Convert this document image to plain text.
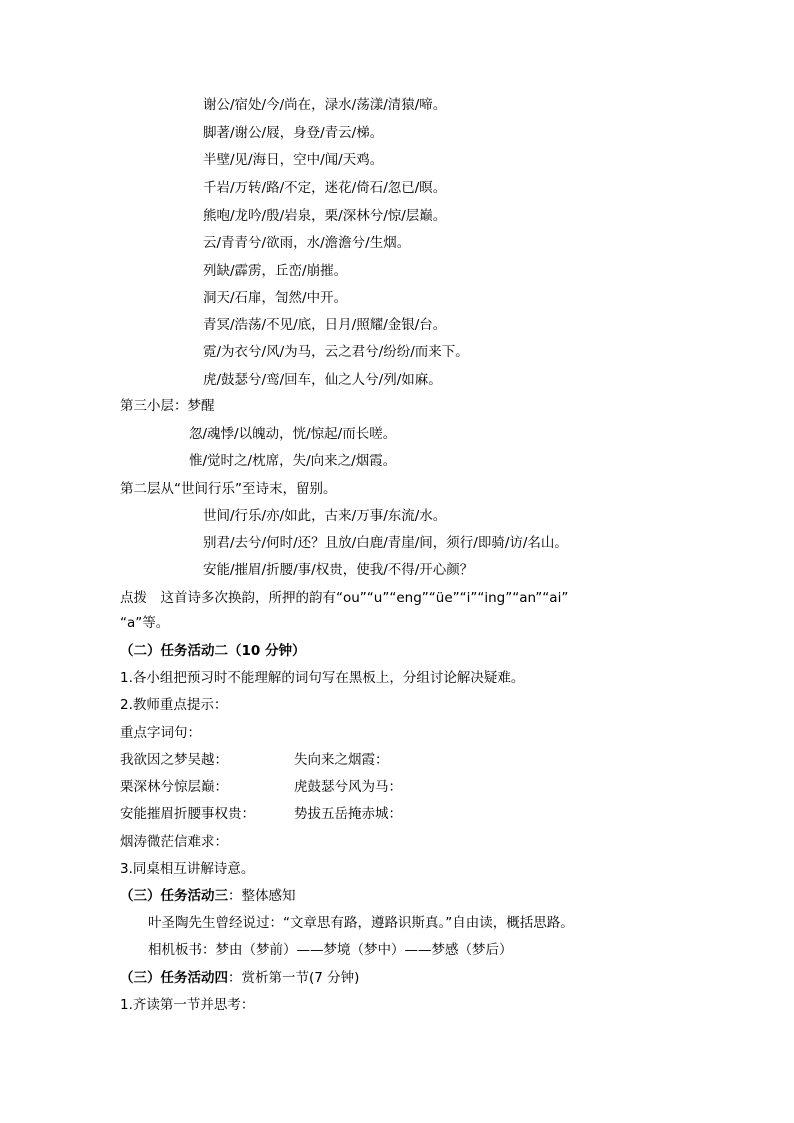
谢公/宿处/今/尚在，渌水/荡漾/清猿/啼。
脚著/谢公/屐，身登/青云/梯。
半壁/见/海日，空中/闻/天鸡。
千岩/万转/路/不定，迷花/倚石/忽已/暝。
熊咆/龙吟/殷/岩泉，栗/深林兮/惊/层巅。
云/青青兮/欲雨，水/澹澹兮/生烟。
列缺/霹雳，丘峦/崩摧。
洞天/石扉，訇然/中开。
青冥/浩荡/不见/底，日月/照耀/金银/台。
霓/为衣兮/风/为马，云之君兮/纷纷/而来下。
虎/鼓瑟兮/鸾/回车，仙之人兮/列/如麻。
第三小层：梦醒
忽/魂悸/以魄动，恍/惊起/而长嗟。
惟/觉时之/枕席，失/向来之/烟霞。
第二层从“世间行乐”至诗末，留别。
世间/行乐/亦/如此，古来/万事/东流/水。
别君/去兮/何时/还？且放/白鹿/青崖/间，须行/即骑/访/名山。
安能/摧眉/折腰/事/权贵，使我/不得/开心颜？
点拨　这首诗多次换韵，所押的韵有“ou”“u”“eng”“üe”“i”“ing”“an”“ai”
“a”等。
（二）任务活动二（10 分钟）
1.各小组把预习时不能理解的词句写在黑板上，分组讨论解决疑难。
2.教师重点提示：
重点字词句：
我欲因之梦吴越：	失向来之烟霞：
栗深林兮惊层巅：	虎鼓瑟兮风为马：
安能摧眉折腰事权贵：	势拔五岳掩赤城：
烟涛微茫信难求：
3.同桌相互讲解诗意。
（三）任务活动三：整体感知
叶圣陶先生曾经说过：“文章思有路，遵路识斯真。”自由读，概括思路。
相机板书：梦由（梦前）——梦境（梦中）——梦感（梦后）
（三）任务活动四：赏析第一节(7 分钟)
1.齐读第一节并思考：
